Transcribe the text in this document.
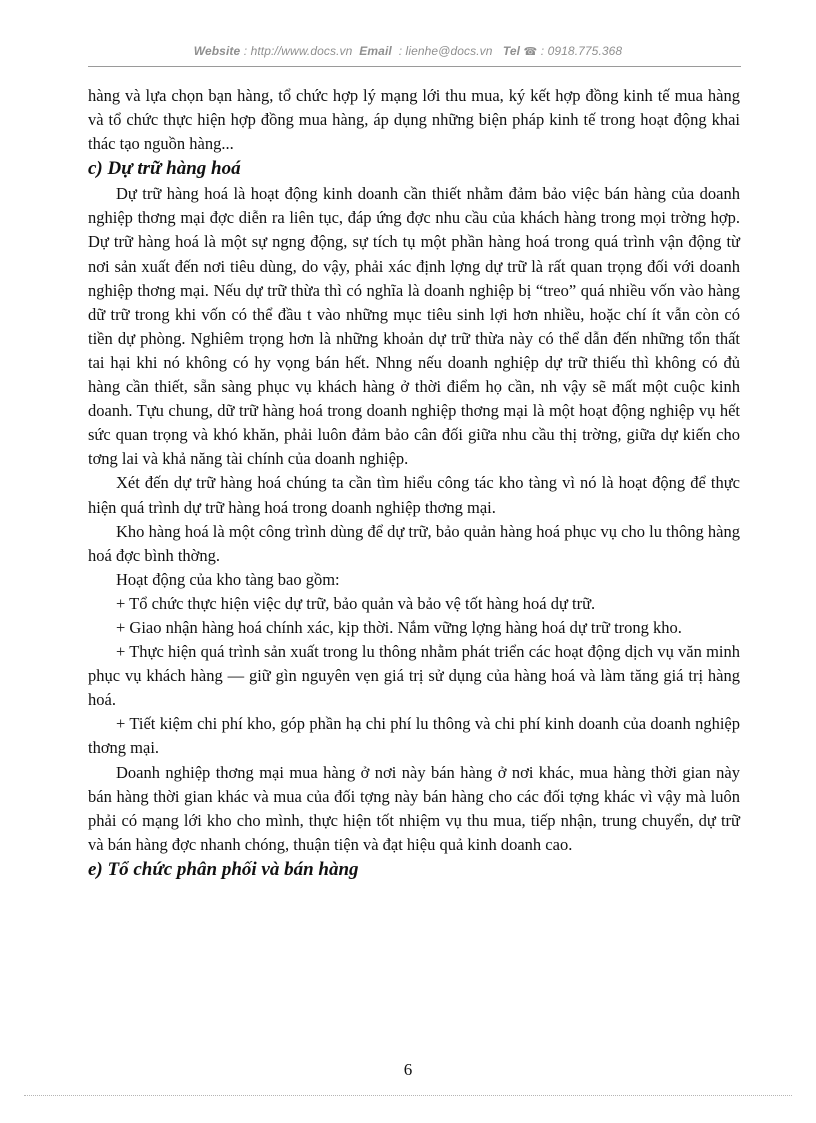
Website : http://www.docs.vn Email : lienhe@docs.vn Tel ☎ : 0918.775.368

hàng và lựa chọn bạn hàng, tổ chức hợp lý mạng lới thu mua, ký kết hợp đồng kinh tế mua hàng và tổ chức thực hiện hợp đồng mua hàng, áp dụng những biện pháp kinh tế trong hoạt động khai thác tạo nguồn hàng...

c) Dự trữ hàng hoá

Dự trữ hàng hoá là hoạt động kinh doanh cần thiết nhằm đảm bảo việc bán hàng của doanh nghiệp thơng mại đợc diễn ra liên tục, đáp ứng đợc nhu cầu của khách hàng trong mọi trờng hợp. Dự trữ hàng hoá là một sự ngng động, sự tích tụ một phần hàng hoá trong quá trình vận động từ nơi sản xuất đến nơi tiêu dùng, do vậy, phải xác định lợng dự trữ là rất quan trọng đối với doanh nghiệp thơng mại. Nếu dự trữ thừa thì có nghĩa là doanh nghiệp bị “treo” quá nhiều vốn vào hàng dữ trữ trong khi vốn có thể đầu t vào những mục tiêu sinh lợi hơn nhiều, hoặc chí ít vẫn còn có tiền dự phòng. Nghiêm trọng hơn là những khoản dự trữ thừa này có thể dẫn đến những tổn thất tai hại khi nó không có hy vọng bán hết. Nhng nếu doanh nghiệp dự trữ thiếu thì không có đủ hàng cần thiết, sẵn sàng phục vụ khách hàng ở thời điểm họ cần, nh vậy sẽ mất một cuộc kinh doanh. Tựu chung, dữ trữ hàng hoá trong doanh nghiệp thơng mại là một hoạt động nghiệp vụ hết sức quan trọng và khó khăn, phải luôn đảm bảo cân đối giữa nhu cầu thị trờng, giữa dự kiến cho tơng lai và khả năng tài chính của doanh nghiệp.

Xét đến dự trữ hàng hoá chúng ta cần tìm hiểu công tác kho tàng vì nó là hoạt động để thực hiện quá trình dự trữ hàng hoá trong doanh nghiệp thơng mại.

Kho hàng hoá là một công trình dùng để dự trữ, bảo quản hàng hoá phục vụ cho lu thông hàng hoá đợc bình thờng.

Hoạt động của kho tàng bao gồm:

+ Tổ chức thực hiện việc dự trữ, bảo quản và bảo vệ tốt hàng hoá dự trữ.

+ Giao nhận hàng hoá chính xác, kịp thời. Nắm vững lợng hàng hoá dự trữ trong kho.

+ Thực hiện quá trình sản xuất trong lu thông nhằm phát triển các hoạt động dịch vụ văn minh phục vụ khách hàng — giữ gìn nguyên vẹn giá trị sử dụng của hàng hoá và làm tăng giá trị hàng hoá.

+ Tiết kiệm chi phí kho, góp phần hạ chi phí lu thông và chi phí kinh doanh của doanh nghiệp thơng mại.

Doanh nghiệp thơng mại mua hàng ở nơi này bán hàng ở nơi khác, mua hàng thời gian này bán hàng thời gian khác và mua của đối tợng này bán hàng cho các đối tợng khác vì vậy mà luôn phải có mạng lới kho cho mình, thực hiện tốt nhiệm vụ thu mua, tiếp nhận, trung chuyển, dự trữ và bán hàng đợc nhanh chóng, thuận tiện và đạt hiệu quả kinh doanh cao.

e) Tổ chức phân phối và bán hàng
6
